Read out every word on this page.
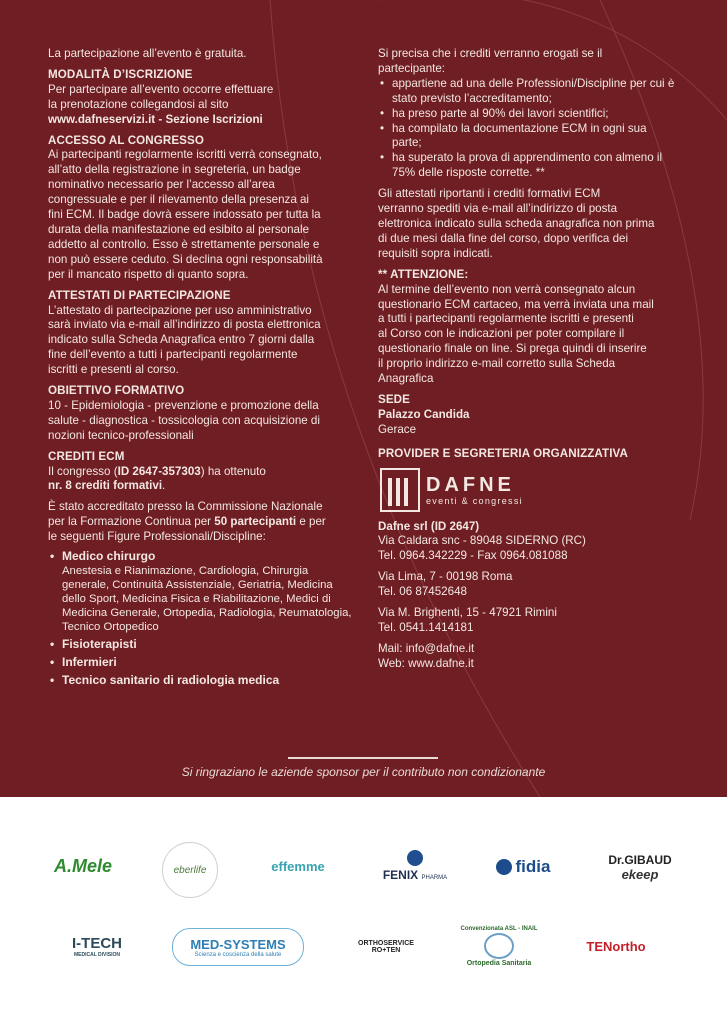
La partecipazione all’evento è gratuita.

MODALITÀ D’ISCRIZIONE

Per partecipare all’evento occorre effettuare
la prenotazione collegandosi al sito
www.dafneservizi.it - Sezione Iscrizioni

ACCESSO AL CONGRESSO

Ai partecipanti regolarmente iscritti verrà consegnato,
all’atto della registrazione in segreteria, un badge
nominativo necessario per l’accesso all’area
congressuale e per il rilevamento della presenza ai
fini ECM. Il badge dovrà essere indossato per tutta la
durata della manifestazione ed esibito al personale
addetto al controllo. Esso è strettamente personale e
non può essere ceduto. Si declina ogni responsabilità
per il mancato rispetto di quanto sopra.

ATTESTATI DI PARTECIPAZIONE

L’attestato di partecipazione per uso amministrativo
sarà inviato via e-mail all’indirizzo di posta elettronica
indicato sulla Scheda Anagrafica entro 7 giorni dalla
fine dell’evento a tutti i partecipanti regolarmente
iscritti e presenti al corso.

OBIETTIVO FORMATIVO

10 - Epidemiologia - prevenzione e promozione della
salute - diagnostica - tossicologia con acquisizione di
nozioni tecnico-professionali

CREDITI ECM

Il congresso (ID 2647-357303) ha ottenuto
nr. 8 crediti formativi.
È stato accreditato presso la Commissione Nazionale
per la Formazione Continua per 50 partecipanti e per
le seguenti Figure Professionali/Discipline:
• Medico chirurgo
Anestesia e Rianimazione, Cardiologia, Chirurgia generale, Continuità Assistenziale, Geriatria, Medicina dello Sport, Medicina Fisica e Riabilitazione, Medici di Medicina Generale, Ortopedia, Radiologia, Reumatologia, Tecnico Ortopedico
• Fisioterapisti
• Infermieri
• Tecnico sanitario di radiologia medica
Si precisa che i crediti verranno erogati se il
partecipante:
• appartiene ad una delle Professioni/Discipline per cui è stato previsto l’accreditamento;
• ha preso parte al 90% dei lavori scientifici;
• ha compilato la documentazione ECM in ogni sua parte;
• ha superato la prova di apprendimento con almeno il 75% delle risposte corrette. **
Gli attestati riportanti i crediti formativi ECM
verranno spediti via e-mail all’indirizzo di posta
elettronica indicato sulla scheda anagrafica non prima
di due mesi dalla fine del corso, dopo verifica dei
requisiti sopra indicati.

** ATTENZIONE:

Al termine dell’evento non verrà consegnato alcun
questionario ECM cartaceo, ma verrà inviata una mail
a tutti i partecipanti regolarmente iscritti e presenti
al Corso con le indicazioni per poter compilare il
questionario finale on line. Si prega quindi di inserire
il proprio indirizzo e-mail corretto sulla Scheda
Anagrafica

SEDE

Palazzo Candida
Gerace

PROVIDER E SEGRETERIA ORGANIZZATIVA

DAFNE
eventi & congressi
Dafne srl (ID 2647)
Via Caldara snc - 89048 SIDERNO (RC)
Tel. 0964.342229 - Fax 0964.081088
Via Lima, 7 - 00198 Roma
Tel. 06 87452648
Via M. Brighenti, 15 - 47921 Rimini
Tel. 0541.1414181
Mail: info@dafne.it
Web: www.dafne.it
Si ringraziano le aziende sponsor per il contributo non condizionante
A.Mele	eberlife	effemme
FENIX PHARMA
fidia	Dr.GIBAUD
ekeep
I-TECH
MEDICAL DIVISION
MED-SYSTEMS
Scienza e coscienza della salute
ORTHOSERVICE
RO+TEN
Convenzionata ASL - INAIL
Ortopedia Sanitaria
TENortho
